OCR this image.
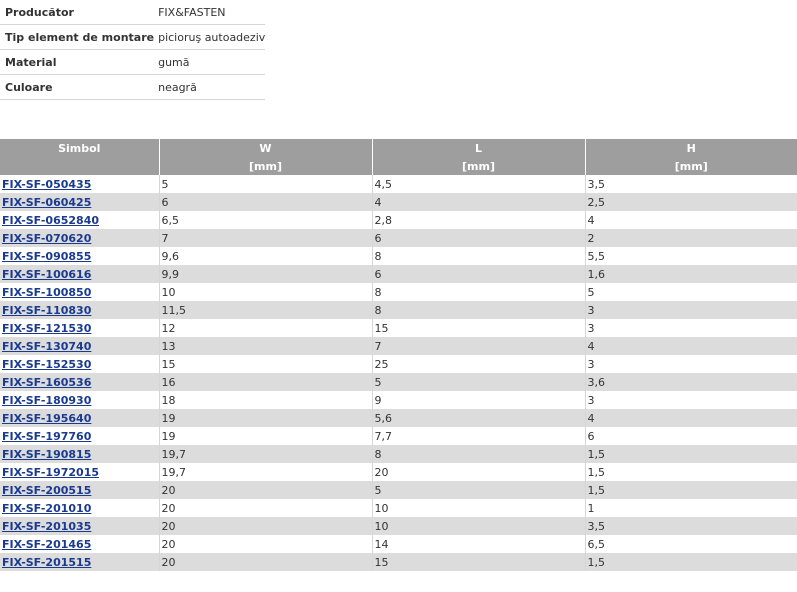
Producător	FIX&FASTEN
Tip element de montare	picioruş autoadeziv
Material	gumă
Culoare	neagră
Simbol	W	L	H
	[mm]	[mm]	[mm]
FIX-SF-050435	5	4,5	3,5
FIX-SF-060425	6	4	2,5
FIX-SF-0652840	6,5	2,8	4
FIX-SF-070620	7	6	2
FIX-SF-090855	9,6	8	5,5
FIX-SF-100616	9,9	6	1,6
FIX-SF-100850	10	8	5
FIX-SF-110830	11,5	8	3
FIX-SF-121530	12	15	3
FIX-SF-130740	13	7	4
FIX-SF-152530	15	25	3
FIX-SF-160536	16	5	3,6
FIX-SF-180930	18	9	3
FIX-SF-195640	19	5,6	4
FIX-SF-197760	19	7,7	6
FIX-SF-190815	19,7	8	1,5
FIX-SF-1972015	19,7	20	1,5
FIX-SF-200515	20	5	1,5
FIX-SF-201010	20	10	1
FIX-SF-201035	20	10	3,5
FIX-SF-201465	20	14	6,5
FIX-SF-201515	20	15	1,5
